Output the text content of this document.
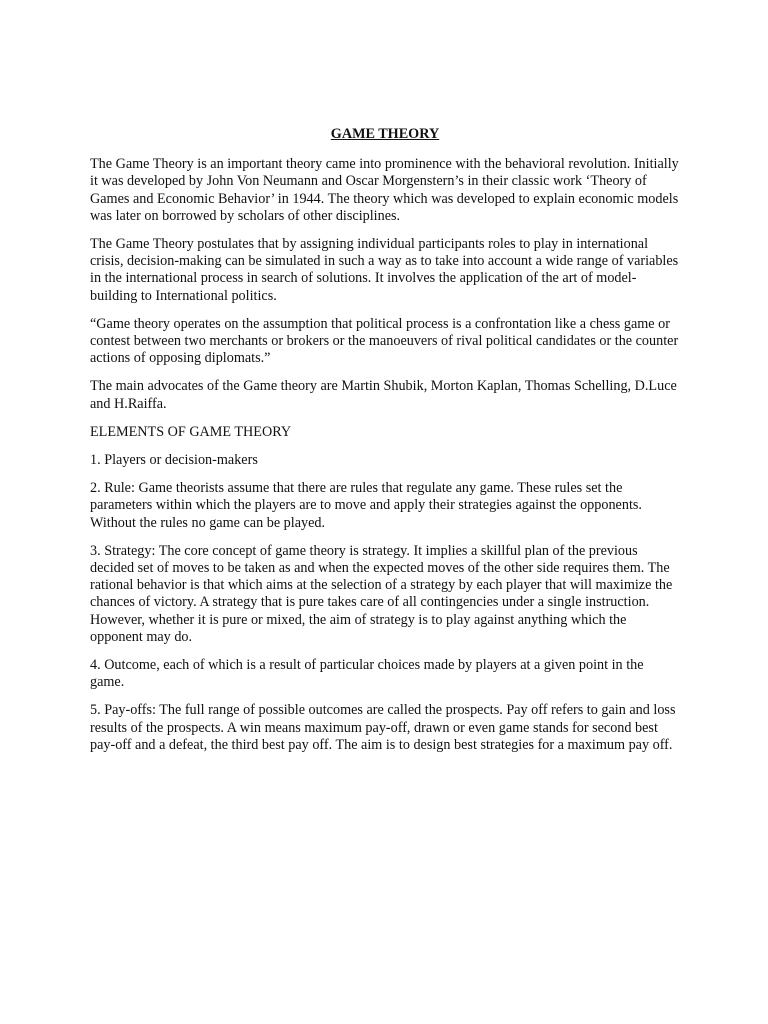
GAME THEORY

The Game Theory is an important theory came into prominence with the behavioral revolution. Initially it was developed by John Von Neumann and Oscar Morgenstern’s in their classic work ‘Theory of Games and Economic Behavior’ in 1944. The theory which was developed to explain economic models was later on borrowed by scholars of other disciplines.

The Game Theory postulates that by assigning individual participants roles to play in international crisis, decision-making can be simulated in such a way as to take into account a wide range of variables in the international process in search of solutions. It involves the application of the art of model-building to International politics.

“Game theory operates on the assumption that political process is a confrontation like a chess game or contest between two merchants or brokers or the manoeuvers of rival political candidates or the counter actions of opposing diplomats.”

The main advocates of the Game theory are Martin Shubik, Morton Kaplan, Thomas Schelling, D.Luce and H.Raiffa.

ELEMENTS OF GAME THEORY

1. Players or decision-makers

2. Rule: Game theorists assume that there are rules that regulate any game. These rules set the parameters within which the players are to move and apply their strategies against the opponents. Without the rules no game can be played.

3. Strategy: The core concept of game theory is strategy. It implies a skillful plan of the previous decided set of moves to be taken as and when the expected moves of the other side requires them. The rational behavior is that which aims at the selection of a strategy by each player that will maximize the chances of victory. A strategy that is pure takes care of all contingencies under a single instruction. However, whether it is pure or mixed, the aim of strategy is to play against anything which the opponent may do.

4. Outcome, each of which is a result of particular choices made by players at a given point in the game.

5. Pay-offs: The full range of possible outcomes are called the prospects. Pay off refers to gain and loss results of the prospects. A win means maximum pay-off, drawn or even game stands for second best pay-off and a defeat, the third best pay off. The aim is to design best strategies for a maximum pay off.
